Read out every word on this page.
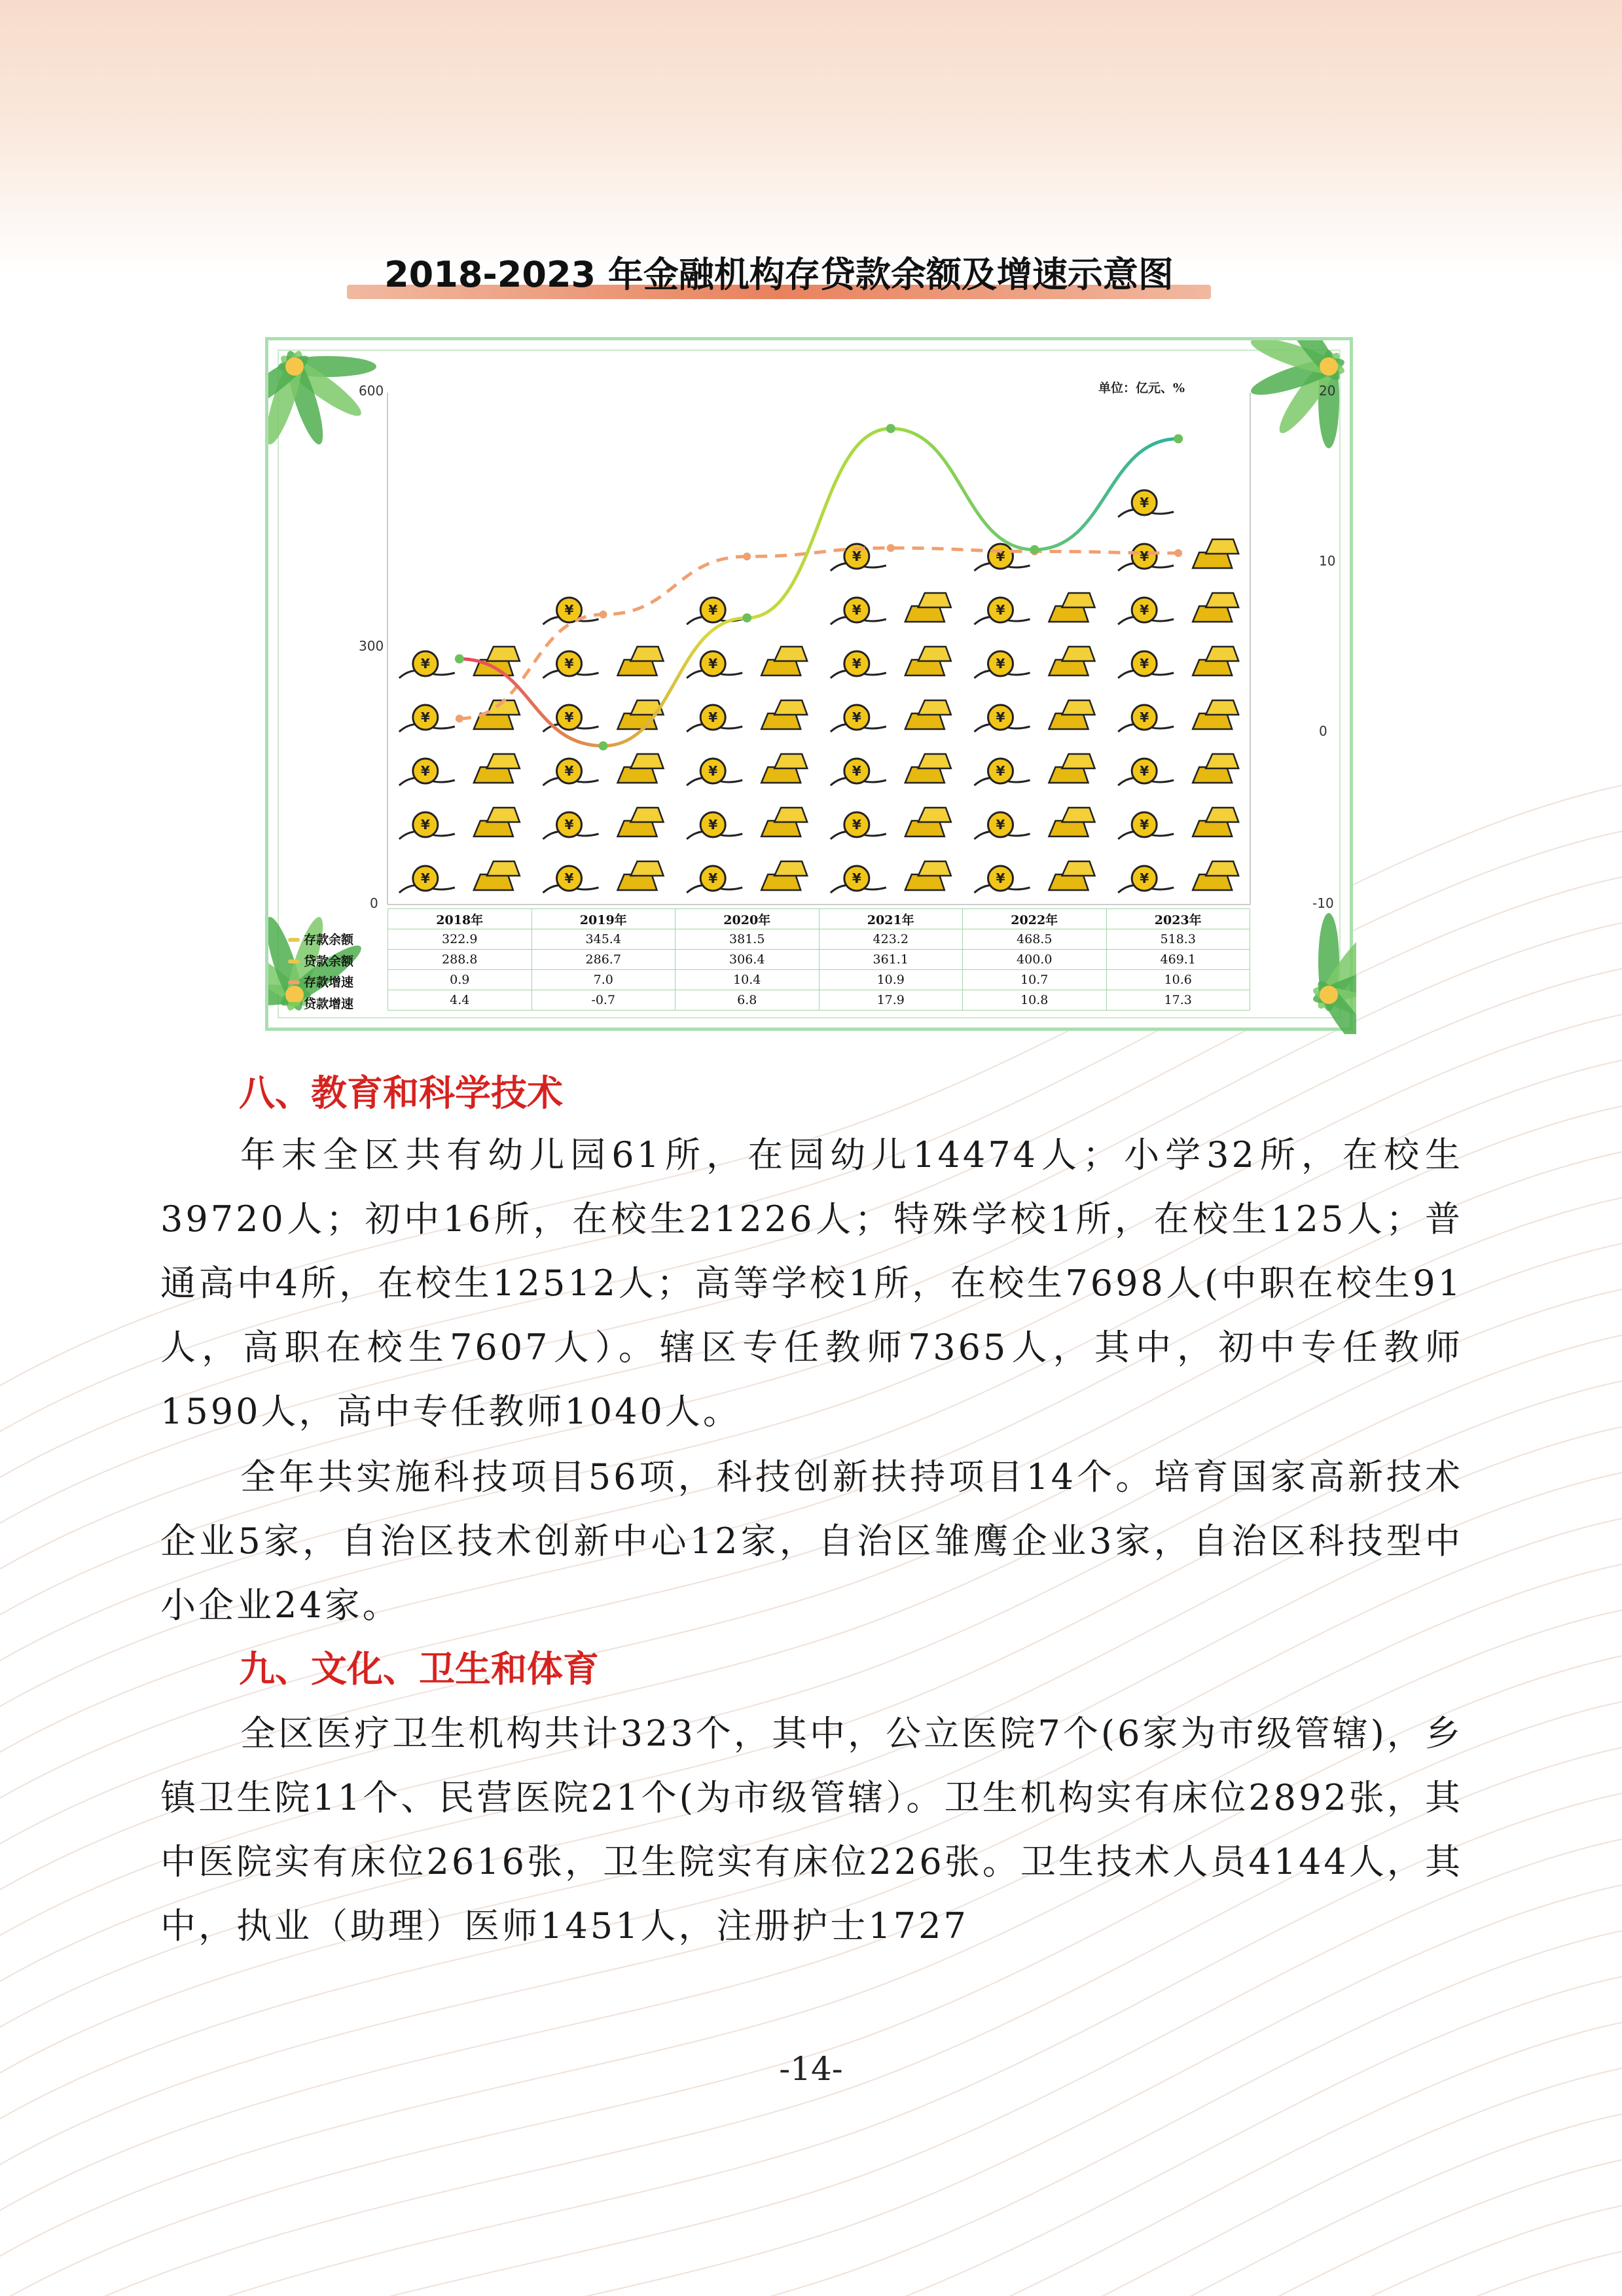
2018-2023 年金融机构存贷款余额及增速示意图
¥
¥
¥
¥
¥
¥
¥
¥
¥
¥
¥
¥
¥
¥
¥
¥
¥
¥
¥
¥
¥
¥
¥
¥
¥
¥
¥
¥
¥
¥
¥
¥
¥
¥
¥
¥
¥
¥
¥
单位：亿元、%
600
300
0
20
10
0
-10
存款余额
贷款余额
存款增速
贷款增速
2018年	2019年	2020年	2021年	2022年	2023年
322.9	345.4	381.5	423.2	468.5	518.3
288.8	286.7	306.4	361.1	400.0	469.1
0.9	7.0	10.4	10.9	10.7	10.6
4.4	-0.7	6.8	17.9	10.8	17.3
八、教育和科学技术

年末全区共有幼儿园61所，在园幼儿14474人；小学32所，在校生39720人；初中16所，在校生21226人；特殊学校1所，在校生125人；普通高中4所，在校生12512人；高等学校1所，在校生7698人(中职在校生91人，高职在校生7607人）。辖区专任教师7365人，其中，初中专任教师1590人，高中专任教师1040人。

全年共实施科技项目56项，科技创新扶持项目14个。培育国家高新技术企业5家，自治区技术创新中心12家，自治区雏鹰企业3家，自治区科技型中小企业24家。

九、文化、卫生和体育

全区医疗卫生机构共计323个，其中，公立医院7个(6家为市级管辖)，乡镇卫生院11个、民营医院21个(为市级管辖）。卫生机构实有床位2892张，其中医院实有床位2616张，卫生院实有床位226张。卫生技术人员4144人，其中，执业（助理）医师1451人，注册护士1727

-14-
